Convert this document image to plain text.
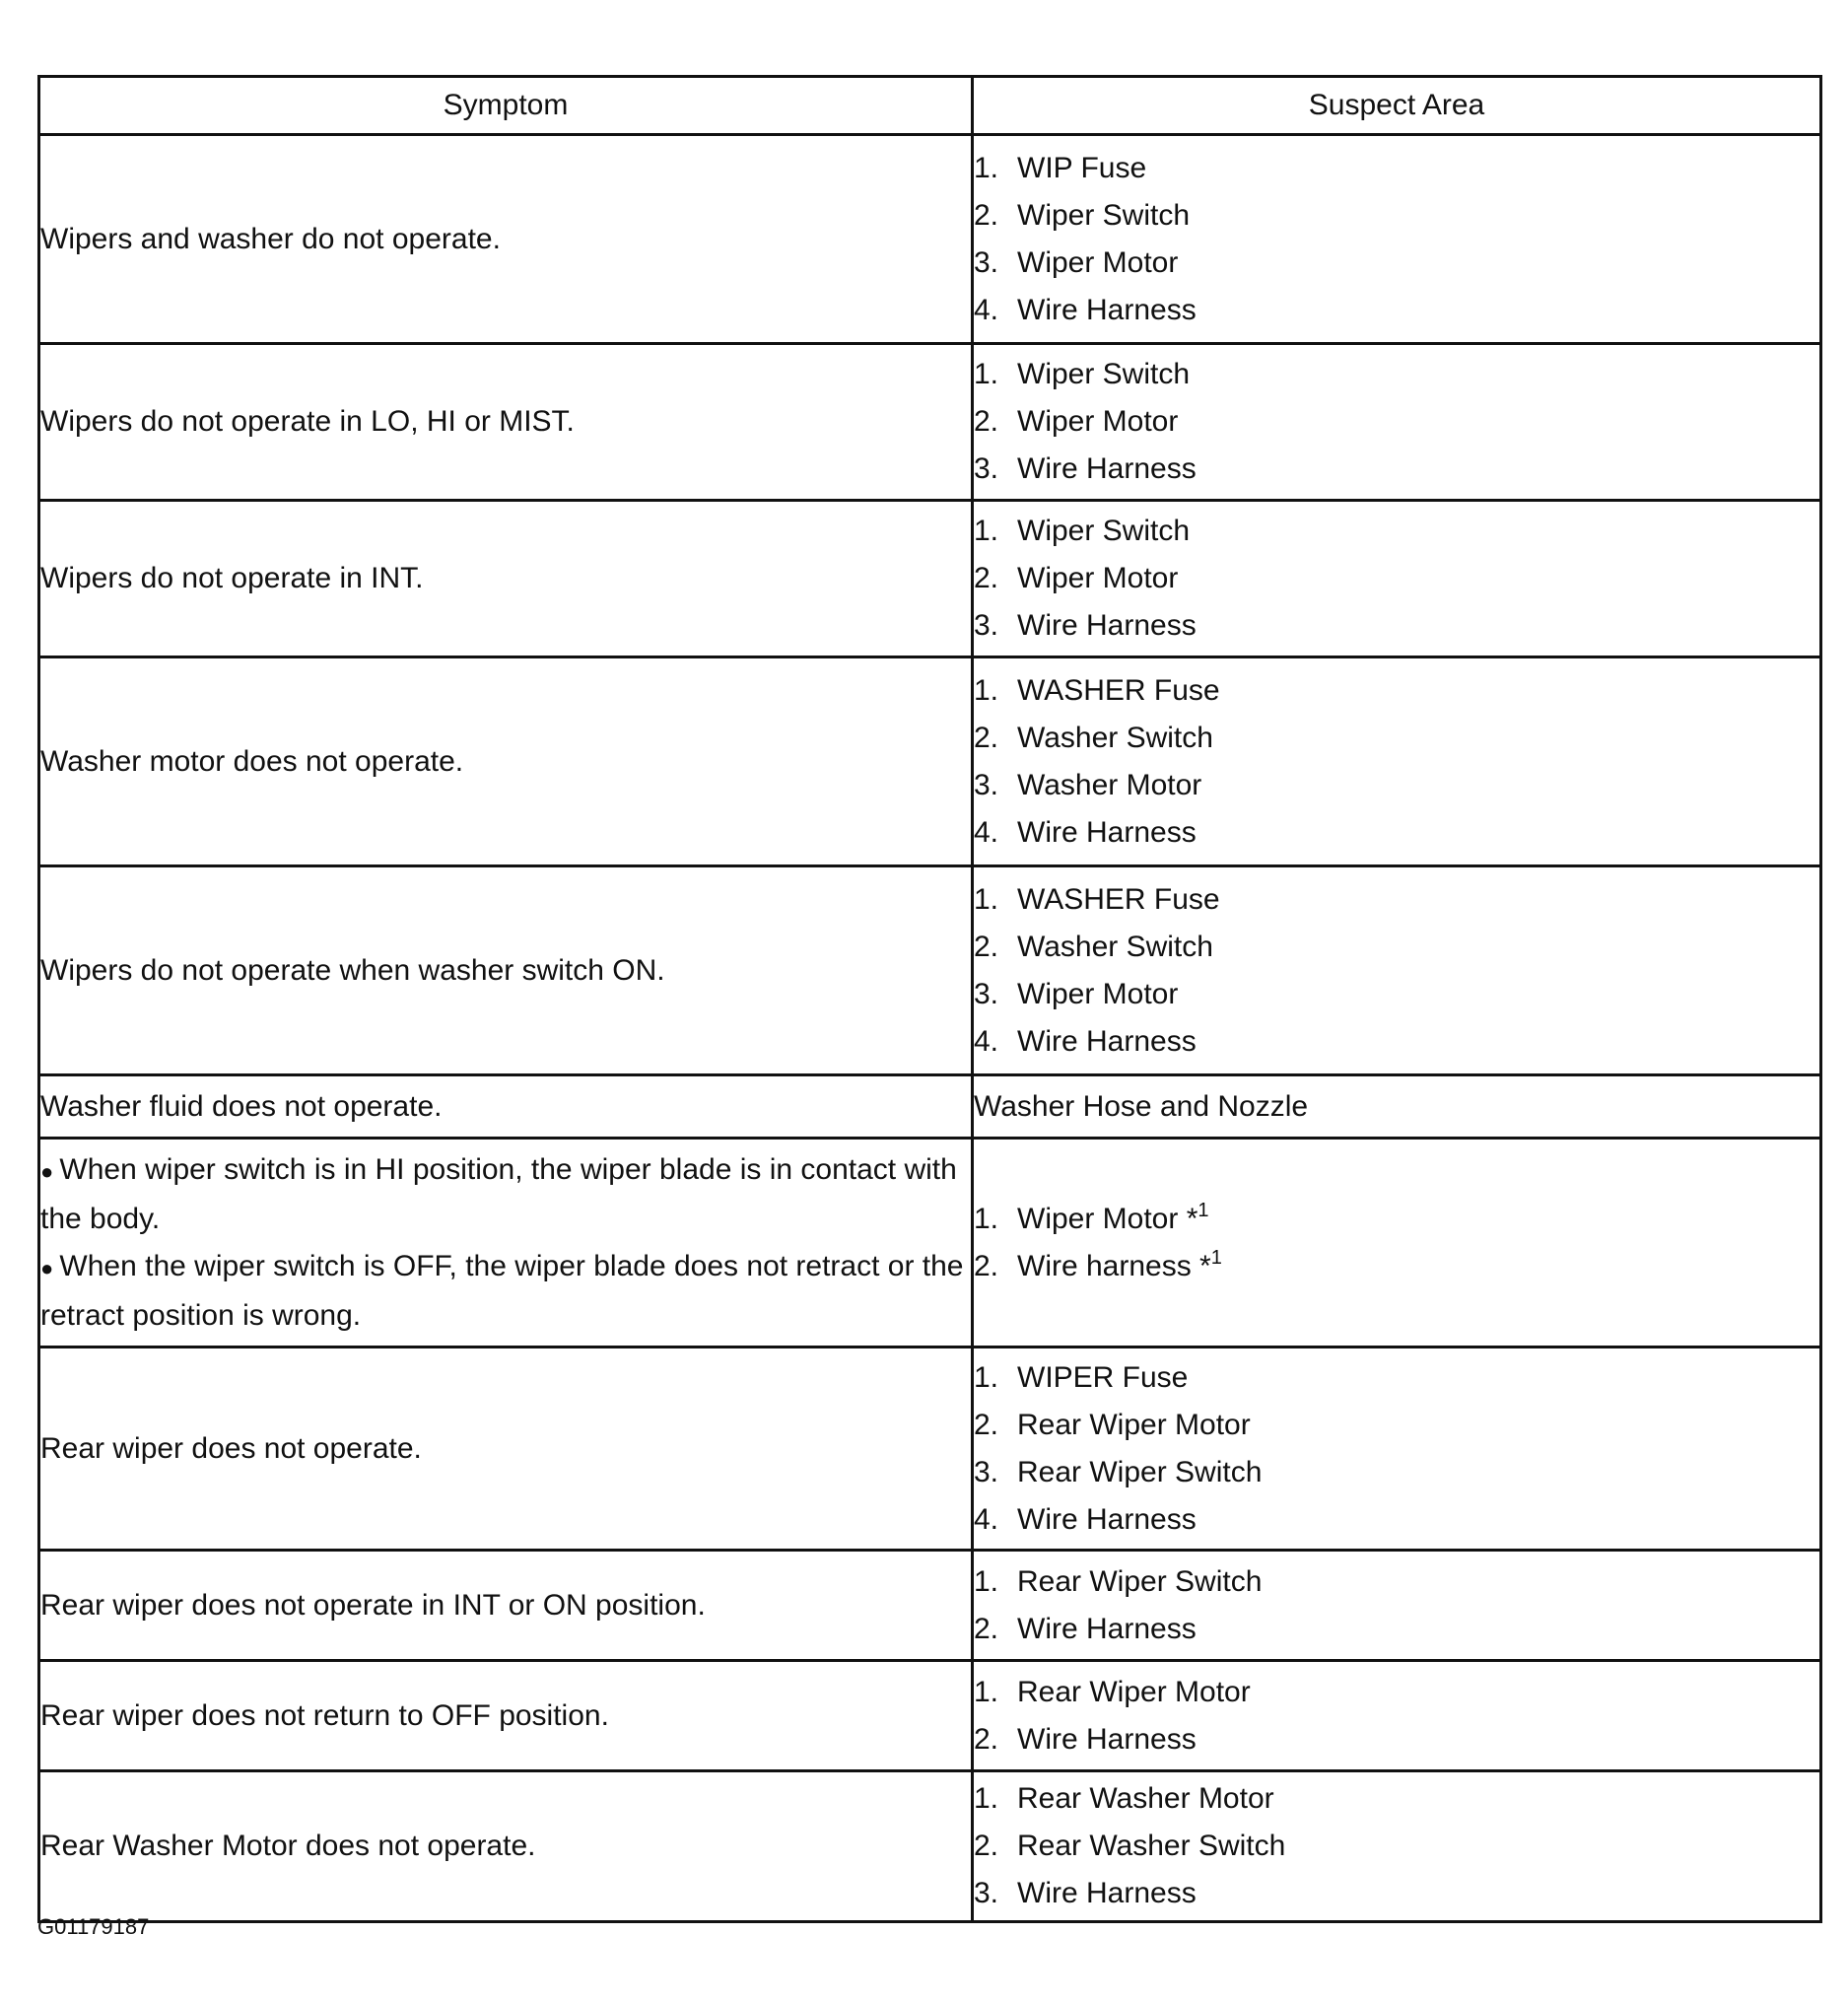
Symptom	Suspect Area
Wipers and washer do not operate.	1. WIP Fuse
2. Wiper Switch
3. Wiper Motor
4. Wire Harness

Wipers do not operate in LO, HI or MIST.	1. Wiper Switch
2. Wiper Motor
3. Wire Harness

Wipers do not operate in INT.	1. Wiper Switch
2. Wiper Motor
3. Wire Harness

Washer motor does not operate.	1. WASHER Fuse
2. Washer Switch
3. Washer Motor
4. Wire Harness

Wipers do not operate when washer switch ON.	1. WASHER Fuse
2. Washer Switch
3. Wiper Motor
4. Wire Harness

Washer fluid does not operate.	Washer Hose and Nozzle

● When wiper switch is in HI position, the wiper blade is in contact with the body.
● When the wiper switch is OFF, the wiper blade does not retract or the retract position is wrong.	1. Wiper Motor *$^1$
2. Wire harness *$^1$

Rear wiper does not operate.	1. WIPER Fuse
2. Rear Wiper Motor
3. Rear Wiper Switch
4. Wire Harness

Rear wiper does not operate in INT or ON position.	1. Rear Wiper Switch
2. Wire Harness

Rear wiper does not return to OFF position.	1. Rear Wiper Motor
2. Wire Harness

Rear Washer Motor does not operate.	1. Rear Washer Motor
2. Rear Washer Switch
3. Wire Harness
G01179187
